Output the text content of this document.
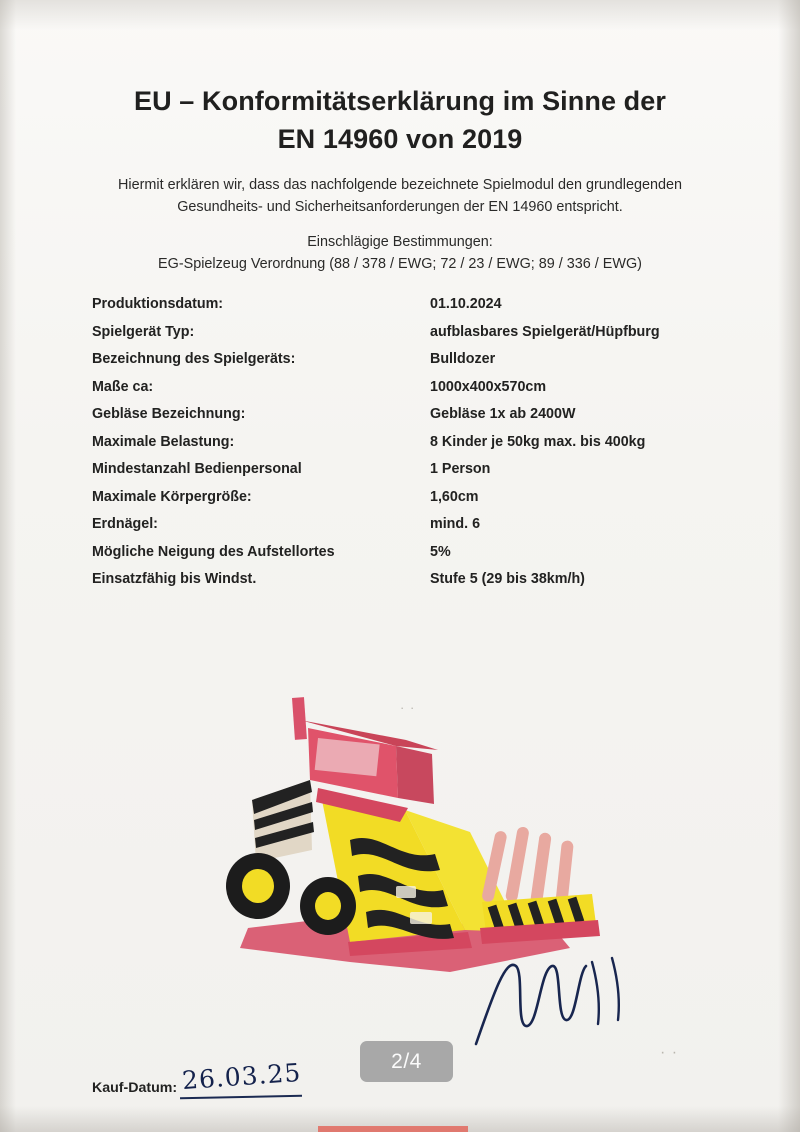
EU – Konformitätserklärung im Sinne der
EN 14960 von 2019
Hiermit erklären wir, dass das nachfolgende bezeichnete Spielmodul den grundlegenden
Gesundheits- und Sicherheitsanforderungen der EN 14960 entspricht.
Einschlägige Bestimmungen:
EG-Spielzeug Verordnung (88 / 378 / EWG; 72 / 23 / EWG; 89 / 336 / EWG)
Produktionsdatum:	01.10.2024
Spielgerät Typ:	aufblasbares Spielgerät/Hüpfburg
Bezeichnung des Spielgeräts:	Bulldozer
Maße ca:	1000x400x570cm
Gebläse Bezeichnung:	Gebläse 1x ab 2400W
Maximale Belastung:	8 Kinder je 50kg max. bis 400kg
Mindestanzahl Bedienpersonal	1 Person
Maximale Körpergröße:	1,60cm
Erdnägel:	mind. 6
Mögliche Neigung des Aufstellortes	5%
Einsatzfähig bis Windst.	Stufe 5 (29 bis 38km/h)
· ·
· ·
2/4
Kauf-Datum: 26.03.25
